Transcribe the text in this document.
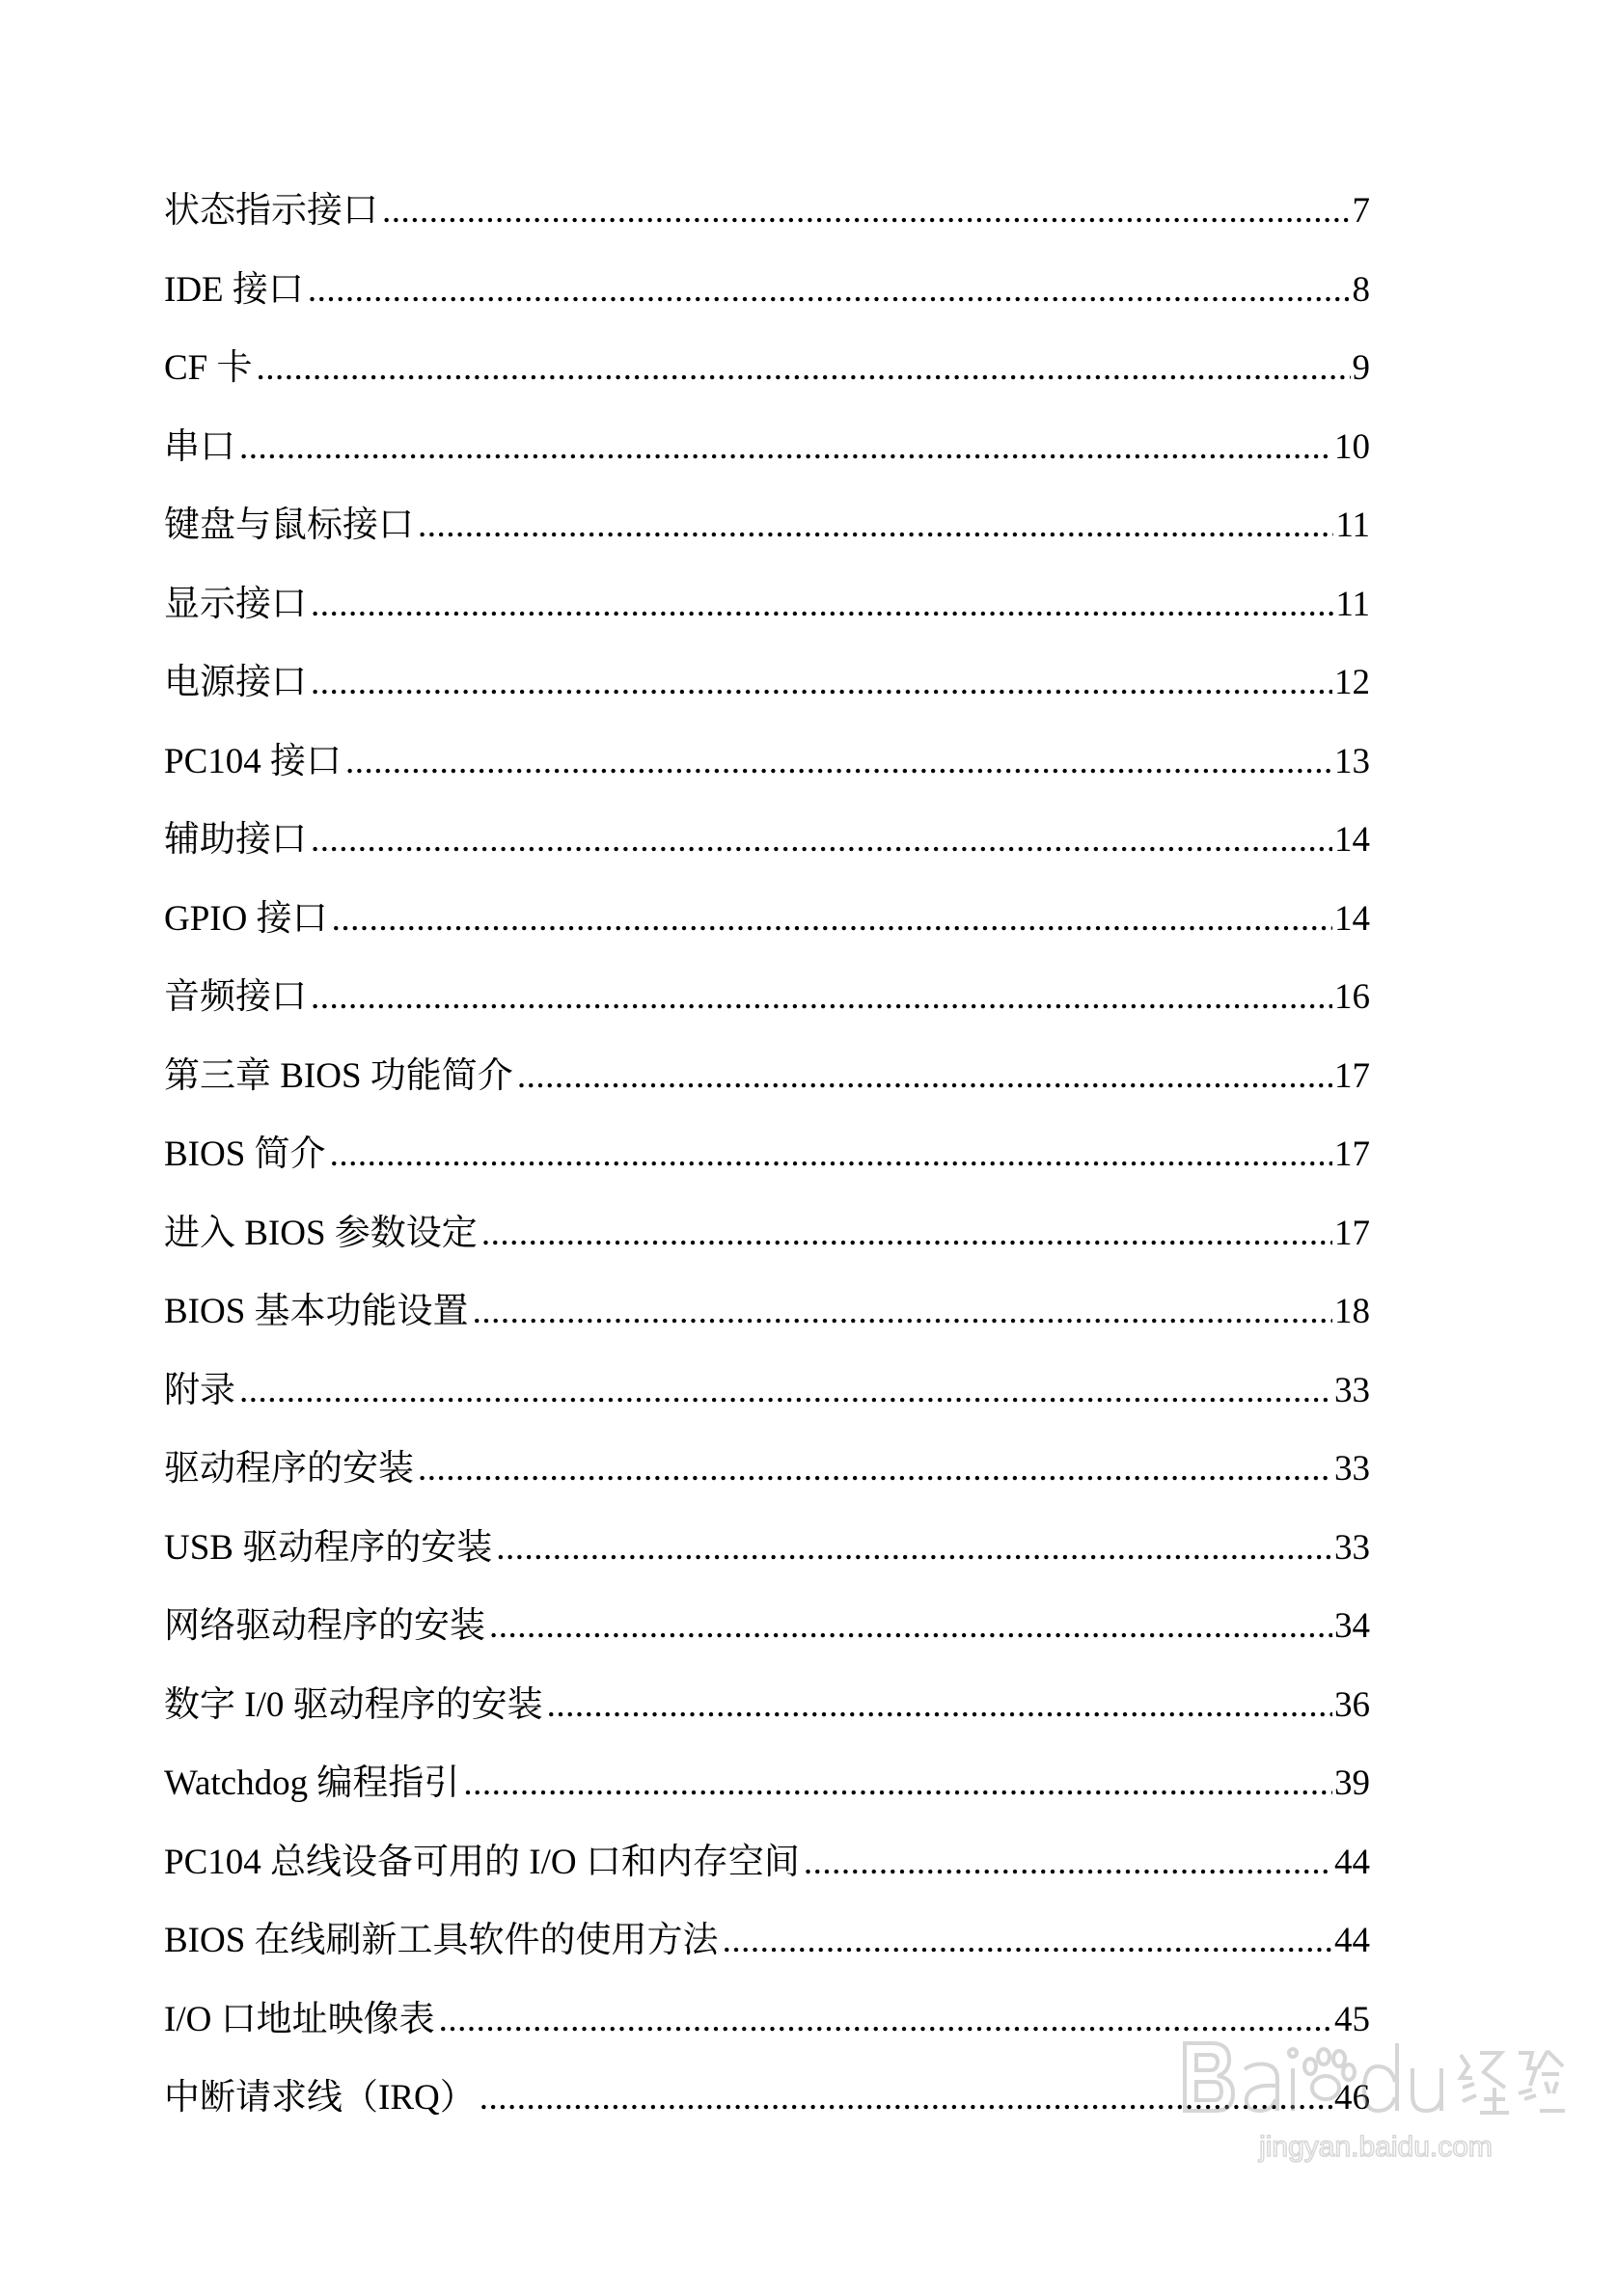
状态指示接口 .....	7
IDE 接口 .....	8
CF 卡 .....	9
串口 .....	10
键盘与鼠标接口 .....	11
显示接口 .....	11
电源接口 .....	12
PC104 接口 .....	13
辅助接口 .....	14
GPIO 接口 .....	14
音频接口 .....	16
第三章 BIOS 功能简介 .....	17
BIOS 简介 .....	17
进入 BIOS 参数设定 .....	17
BIOS 基本功能设置 .....	18
附录 .....	33
驱动程序的安装 .....	33
USB 驱动程序的安装 .....	33
网络驱动程序的安装 .....	34
数字 I/0 驱动程序的安装 .....	36
Watchdog 编程指引 .....	39
PC104 总线设备可用的 I/O 口和内存空间 .....	44
BIOS 在线刷新工具软件的使用方法 .....	44
I/O 口地址映像表 .....	45
中断请求线（IRQ） .....	46
jingyan.baidu.com
